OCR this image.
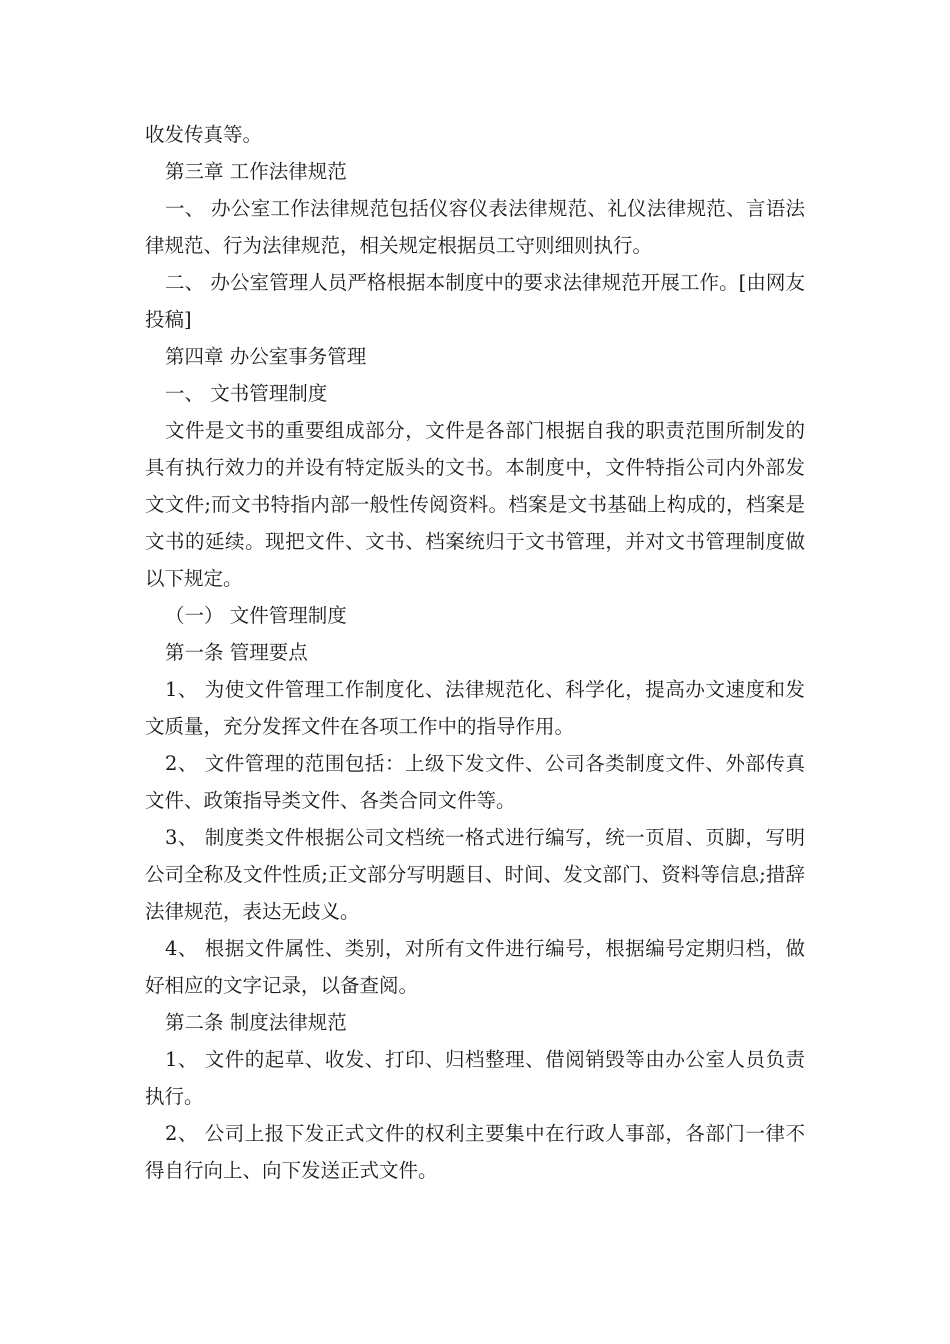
收发传真等。

第三章 工作法律规范

一、 办公室工作法律规范包括仪容仪表法律规范、礼仪法律规范、言语法律规范、行为法律规范，相关规定根据员工守则细则执行。

二、 办公室管理人员严格根据本制度中的要求法律规范开展工作。[由网友投稿]

第四章 办公室事务管理

一、 文书管理制度

文件是文书的重要组成部分，文件是各部门根据自我的职责范围所制发的具有执行效力的并设有特定版头的文书。本制度中，文件特指公司内外部发文文件;而文书特指内部一般性传阅资料。档案是文书基础上构成的，档案是文书的延续。现把文件、文书、档案统归于文书管理，并对文书管理制度做以下规定。

（一） 文件管理制度

第一条 管理要点

1、 为使文件管理工作制度化、法律规范化、科学化，提高办文速度和发文质量，充分发挥文件在各项工作中的指导作用。

2、 文件管理的范围包括：上级下发文件、公司各类制度文件、外部传真文件、政策指导类文件、各类合同文件等。

3、 制度类文件根据公司文档统一格式进行编写，统一页眉、页脚，写明公司全称及文件性质;正文部分写明题目、时间、发文部门、资料等信息;措辞法律规范，表达无歧义。

4、 根据文件属性、类别，对所有文件进行编号，根据编号定期归档，做好相应的文字记录，以备查阅。

第二条 制度法律规范

1、 文件的起草、收发、打印、归档整理、借阅销毁等由办公室人员负责执行。

2、 公司上报下发正式文件的权利主要集中在行政人事部，各部门一律不得自行向上、向下发送正式文件。
